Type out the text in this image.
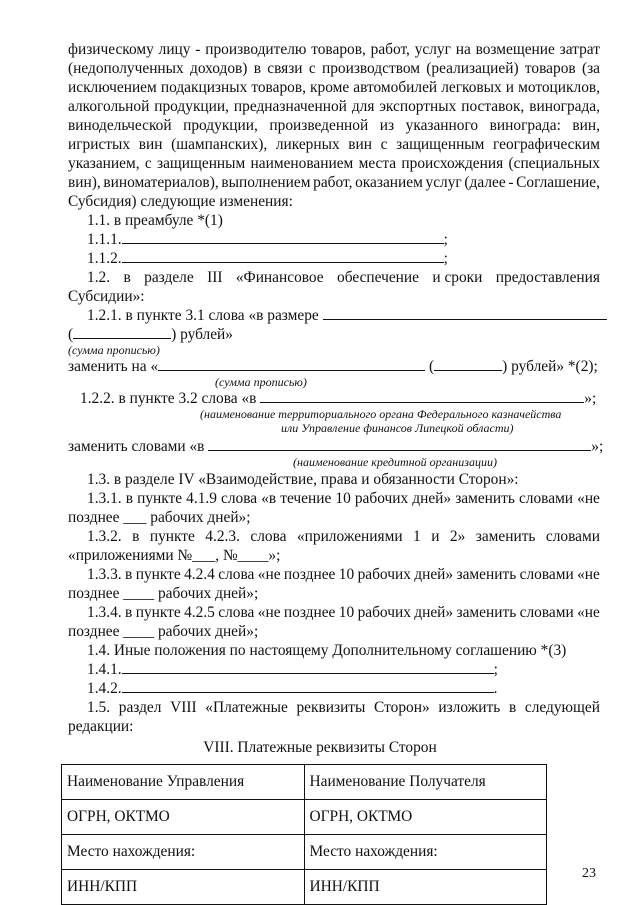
физическому лицу - производителю товаров, работ, услуг на возмещение затрат
(недополученных доходов) в связи с производством (реализацией) товаров (за
исключением подакцизных товаров, кроме автомобилей легковых и мотоциклов,
алкогольной продукции, предназначенной для экспортных поставок, винограда,
винодельческой продукции, произведенной из указанного винограда: вин,
игристых вин (шампанских), ликерных вин с защищенным географическим
указанием, с защищенным наименованием места происхождения (специальных
вин), виноматериалов), выполнением работ, оказанием услуг (далее - Соглашение,
Субсидия) следующие изменения:
1.1. в преамбуле *(1)
1.1.1.	;
1.1.2.	;
1.2. в разделе III «Финансовое обеспечение и сроки предоставления
Субсидии»:
1.2.1. в пункте 3.1 слова «в размере
(	) рублей»
(сумма прописью)
заменить на «	(	) рублей» *(2);
(сумма прописью)
1.2.2. в пункте 3.2 слова «в	»;
(наименование территориального органа Федерального казначейства
или Управление финансов Липецкой области)
заменить словами «в	»;
(наименование кредитной организации)
1.3. в разделе IV «Взаимодействие, права и обязанности Сторон»:
1.3.1. в пункте 4.1.9 слова «в течение 10 рабочих дней» заменить словами «не
позднее ___ рабочих дней»;
1.3.2. в пункте 4.2.3. слова «приложениями 1 и 2» заменить словами
«приложениями №___, №____»;
1.3.3. в пункте 4.2.4 слова «не позднее 10 рабочих дней» заменить словами «не
позднее ____ рабочих дней»;
1.3.4. в пункте 4.2.5 слова «не позднее 10 рабочих дней» заменить словами «не
позднее ____ рабочих дней»;
1.4. Иные положения по настоящему Дополнительному соглашению *(3)
1.4.1.	;
1.4.2.	.
1.5. раздел VIII «Платежные реквизиты Сторон» изложить в следующей
редакции:
VIII. Платежные реквизиты Сторон
Наименование Управления	Наименование Получателя
ОГРН, ОКТМО	ОГРН, ОКТМО
Место нахождения:	Место нахождения:
ИНН/КПП	ИНН/КПП
23
